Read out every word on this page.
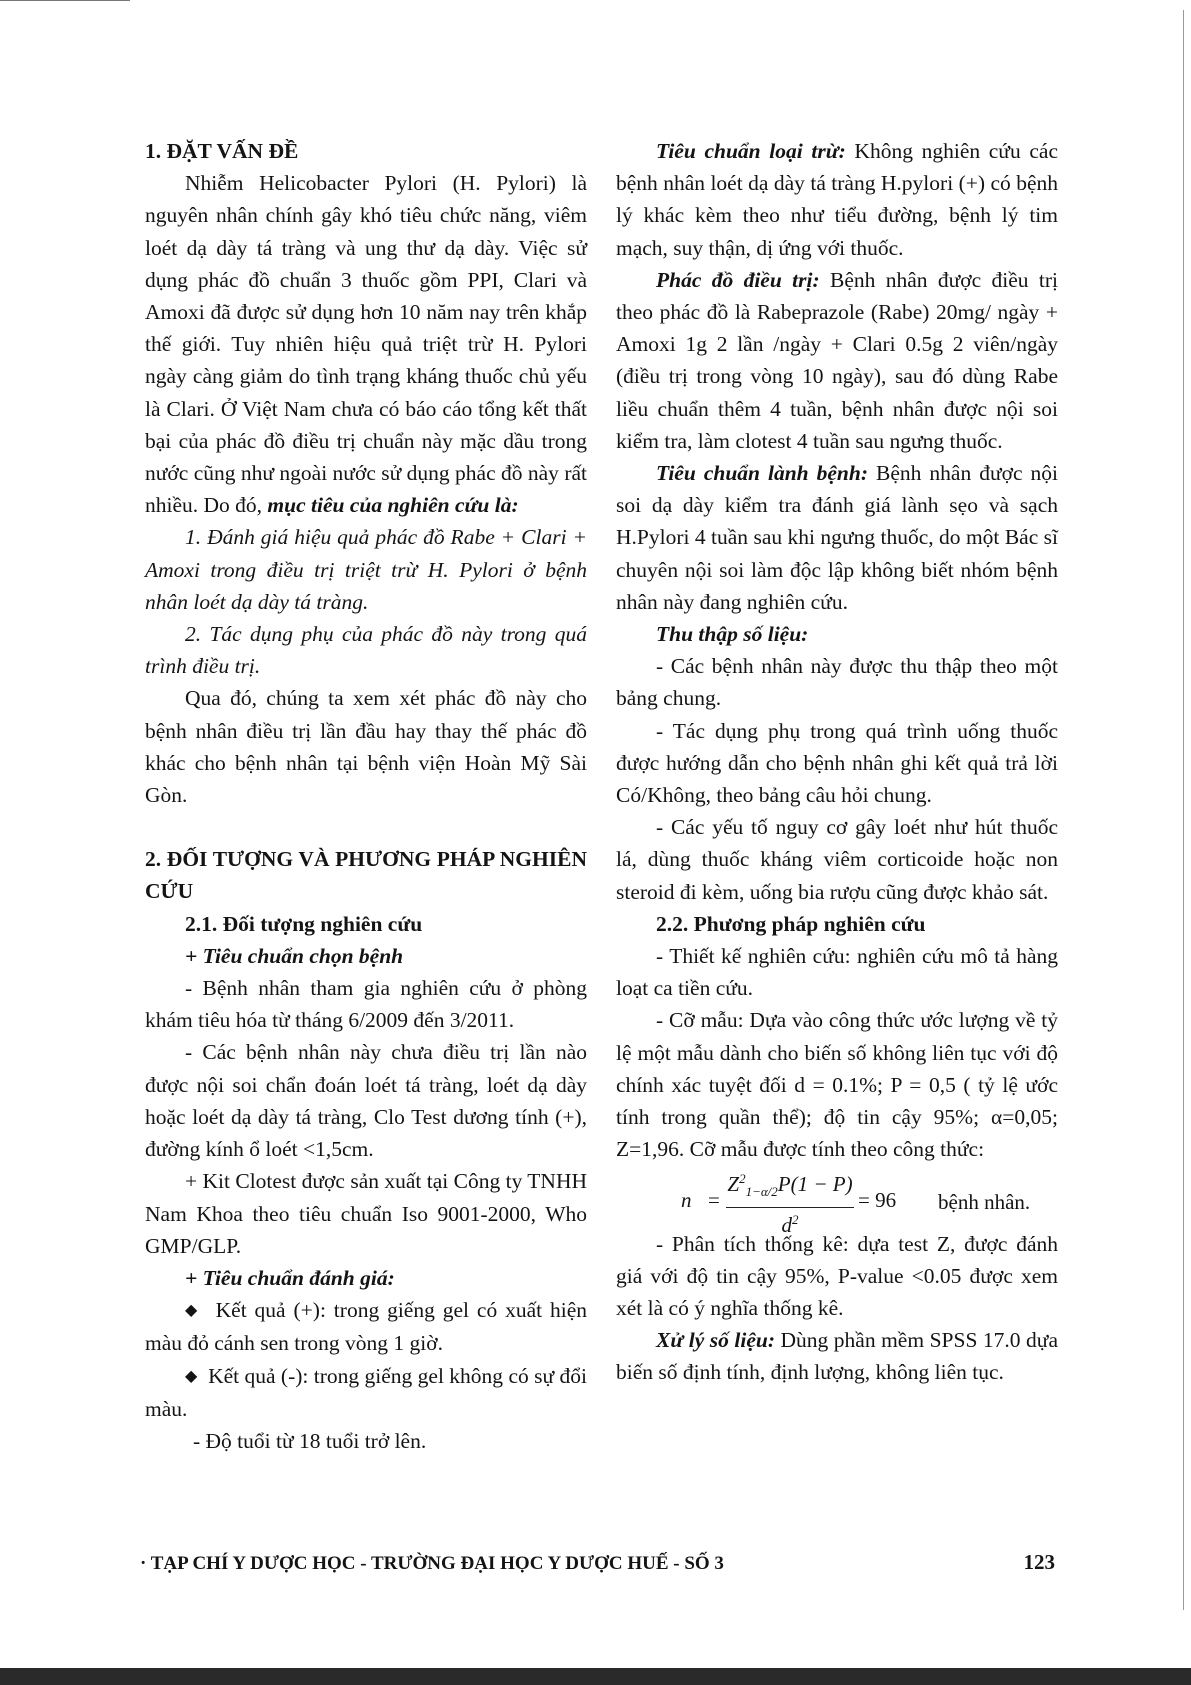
1. ĐẶT VẤN ĐỀ

Nhiễm Helicobacter Pylori (H. Pylori) là nguyên nhân chính gây khó tiêu chức năng, viêm loét dạ dày tá tràng và ung thư dạ dày. Việc sử dụng phác đồ chuẩn 3 thuốc gồm PPI, Clari và Amoxi đã được sử dụng hơn 10 năm nay trên khắp thế giới. Tuy nhiên hiệu quả triệt trừ H. Pylori ngày càng giảm do tình trạng kháng thuốc chủ yếu là Clari. Ở Việt Nam chưa có báo cáo tổng kết thất bại của phác đồ điều trị chuẩn này mặc dầu trong nước cũng như ngoài nước sử dụng phác đồ này rất nhiều. Do đó, mục tiêu của nghiên cứu là:

1. Đánh giá hiệu quả phác đồ Rabe + Clari + Amoxi trong điều trị triệt trừ H. Pylori ở bệnh nhân loét dạ dày tá tràng.

2. Tác dụng phụ của phác đồ này trong quá trình điều trị.

Qua đó, chúng ta xem xét phác đồ này cho bệnh nhân điều trị lần đầu hay thay thế phác đồ khác cho bệnh nhân tại bệnh viện Hoàn Mỹ Sài Gòn.

2. ĐỐI TƯỢNG VÀ PHƯƠNG PHÁP NGHIÊN CỨU

2.1. Đối tượng nghiên cứu

+ Tiêu chuẩn chọn bệnh

- Bệnh nhân tham gia nghiên cứu ở phòng khám tiêu hóa từ tháng 6/2009 đến 3/2011.

- Các bệnh nhân này chưa điều trị lần nào được nội soi chẩn đoán loét tá tràng, loét dạ dày hoặc loét dạ dày tá tràng, Clo Test dương tính (+), đường kính ổ loét <1,5cm.

+ Kit Clotest được sản xuất tại Công ty TNHH Nam Khoa theo tiêu chuẩn Iso 9001-2000, Who GMP/GLP.

+ Tiêu chuẩn đánh giá:

◆ Kết quả (+): trong giếng gel có xuất hiện màu đỏ cánh sen trong vòng 1 giờ.

◆ Kết quả (-): trong giếng gel không có sự đổi màu.

- Độ tuổi từ 18 tuổi trở lên.

Tiêu chuẩn loại trừ: Không nghiên cứu các bệnh nhân loét dạ dày tá tràng H.pylori (+) có bệnh lý khác kèm theo như tiểu đường, bệnh lý tim mạch, suy thận, dị ứng với thuốc.

Phác đồ điều trị: Bệnh nhân được điều trị theo phác đồ là Rabeprazole (Rabe) 20mg/ ngày + Amoxi 1g 2 lần /ngày + Clari 0.5g 2 viên/ngày (điều trị trong vòng 10 ngày), sau đó dùng Rabe liều chuẩn thêm 4 tuần, bệnh nhân được nội soi kiểm tra, làm clotest 4 tuần sau ngưng thuốc.

Tiêu chuẩn lành bệnh: Bệnh nhân được nội soi dạ dày kiểm tra đánh giá lành sẹo và sạch H.Pylori 4 tuần sau khi ngưng thuốc, do một Bác sĩ chuyên nội soi làm độc lập không biết nhóm bệnh nhân này đang nghiên cứu.

Thu thập số liệu:

- Các bệnh nhân này được thu thập theo một bảng chung.

- Tác dụng phụ trong quá trình uống thuốc được hướng dẫn cho bệnh nhân ghi kết quả trả lời Có/Không, theo bảng câu hỏi chung.

- Các yếu tố nguy cơ gây loét như hút thuốc lá, dùng thuốc kháng viêm corticoide hoặc non steroid đi kèm, uống bia rượu cũng được khảo sát.

2.2. Phương pháp nghiên cứu

- Thiết kế nghiên cứu: nghiên cứu mô tả hàng loạt ca tiền cứu.

- Cỡ mẫu: Dựa vào công thức ước lượng về tỷ lệ một mẫu dành cho biến số không liên tục với độ chính xác tuyệt đối d = 0.1%; P = 0,5 ( tỷ lệ ước tính trong quần thể); độ tin cậy 95%; α=0,05; Z=1,96. Cỡ mẫu được tính theo công thức:

$n = \frac{Z^2_{1-\alpha/2}P(1 - P)}{d^2} = 96$ bệnh nhân.

- Phân tích thống kê: dựa test Z, được đánh giá với độ tin cậy 95%, P-value <0.05 được xem xét là có ý nghĩa thống kê.

Xử lý số liệu: Dùng phần mềm SPSS 17.0 dựa biến số định tính, định lượng, không liên tục.

· TẠP CHÍ Y DƯỢC HỌC - TRƯỜNG ĐẠI HỌC Y DƯỢC HUẾ - SỐ 3	123
